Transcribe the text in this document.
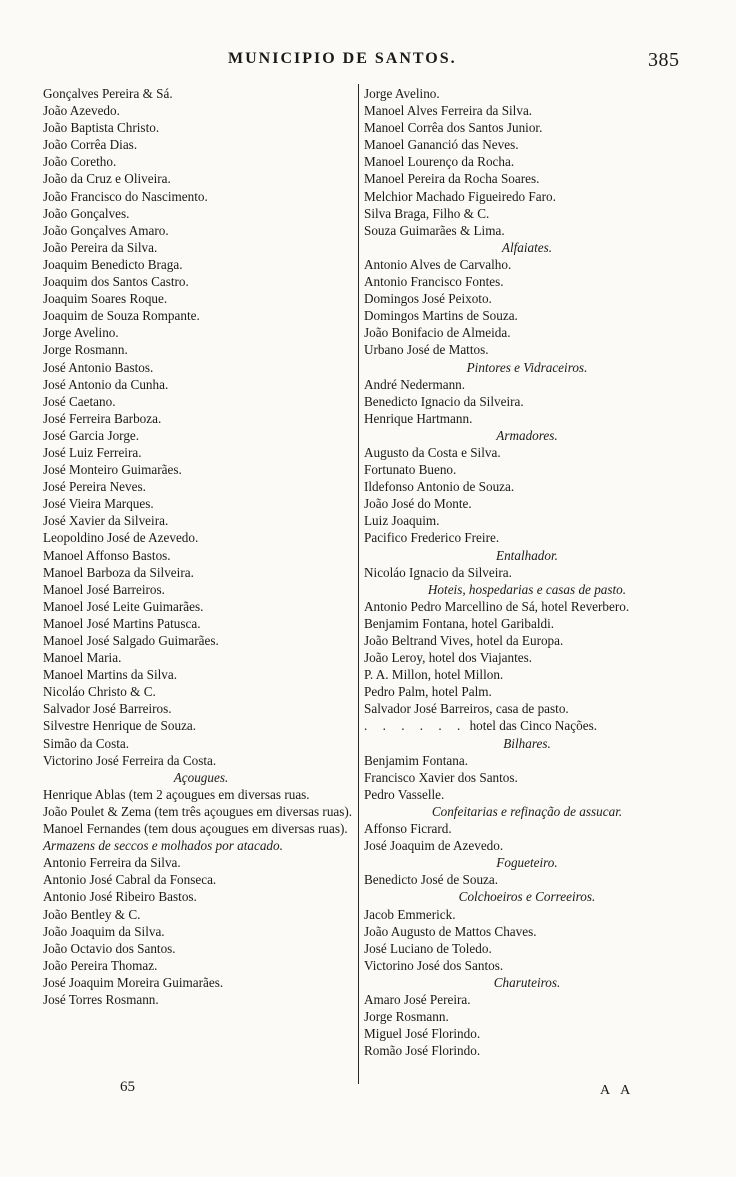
MUNICIPIO DE SANTOS.	385
Gonçalves Pereira & Sá.
João Azevedo.
João Baptista Christo.
João Corrêa Dias.
João Coretho.
João da Cruz e Oliveira.
João Francisco do Nascimento.
João Gonçalves.
João Gonçalves Amaro.
João Pereira da Silva.
Joaquim Benedicto Braga.
Joaquim dos Santos Castro.
Joaquim Soares Roque.
Joaquim de Souza Rompante.
Jorge Avelino.
Jorge Rosmann.
José Antonio Bastos.
José Antonio da Cunha.
José Caetano.
José Ferreira Barboza.
José Garcia Jorge.
José Luiz Ferreira.
José Monteiro Guimarães.
José Pereira Neves.
José Vieira Marques.
José Xavier da Silveira.
Leopoldino José de Azevedo.
Manoel Affonso Bastos.
Manoel Barboza da Silveira.
Manoel José Barreiros.
Manoel José Leite Guimarães.
Manoel José Martins Patusca.
Manoel José Salgado Guimarães.
Manoel Maria.
Manoel Martins da Silva.
Nicoláo Christo & C.
Salvador José Barreiros.
Silvestre Henrique de Souza.
Simão da Costa.
Victorino José Ferreira da Costa.
Açougues.
Henrique Ablas (tem 2 açougues em diversas ruas.
João Poulet & Zema (tem três açougues em diversas ruas).
Manoel Fernandes (tem dous açougues em diversas ruas).
Armazens de seccos e molhados por atacado.
Antonio Ferreira da Silva.
Antonio José Cabral da Fonseca.
Antonio José Ribeiro Bastos.
João Bentley & C.
João Joaquim da Silva.
João Octavio dos Santos.
João Pereira Thomaz.
José Joaquim Moreira Guimarães.
José Torres Rosmann.
Jorge Avelino.
Manoel Alves Ferreira da Silva.
Manoel Corrêa dos Santos Junior.
Manoel Gananció das Neves.
Manoel Lourenço da Rocha.
Manoel Pereira da Rocha Soares.
Melchior Machado Figueiredo Faro.
Silva Braga, Filho & C.
Souza Guimarães & Lima.
Alfaiates.
Antonio Alves de Carvalho.
Antonio Francisco Fontes.
Domingos José Peixoto.
Domingos Martins de Souza.
João Bonifacio de Almeida.
Urbano José de Mattos.
Pintores e Vidraceiros.
André Nedermann.
Benedicto Ignacio da Silveira.
Henrique Hartmann.
Armadores.
Augusto da Costa e Silva.
Fortunato Bueno.
Ildefonso Antonio de Souza.
João José do Monte.
Luiz Joaquim.
Pacifico Frederico Freire.
Entalhador.
Nicoláo Ignacio da Silveira.
Hoteis, hospedarias e casas de pasto.
Antonio Pedro Marcellino de Sá, hotel Reverbero.
Benjamim Fontana, hotel Garibaldi.
João Beltrand Vives, hotel da Europa.
João Leroy, hotel dos Viajantes.
P. A. Millon, hotel Millon.
Pedro Palm, hotel Palm.
Salvador José Barreiros, casa de pasto.
. . . . . . hotel das Cinco Nações.
Bilhares.
Benjamim Fontana.
Francisco Xavier dos Santos.
Pedro Vasselle.
Confeitarias e refinação de assucar.
Affonso Ficrard.
José Joaquim de Azevedo.
Fogueteiro.
Benedicto José de Souza.
Colchoeiros e Correeiros.
Jacob Emmerick.
João Augusto de Mattos Chaves.
José Luciano de Toledo.
Victorino José dos Santos.
Charuteiros.
Amaro José Pereira.
Jorge Rosmann.
Miguel José Florindo.
Romão José Florindo.
65	A A
